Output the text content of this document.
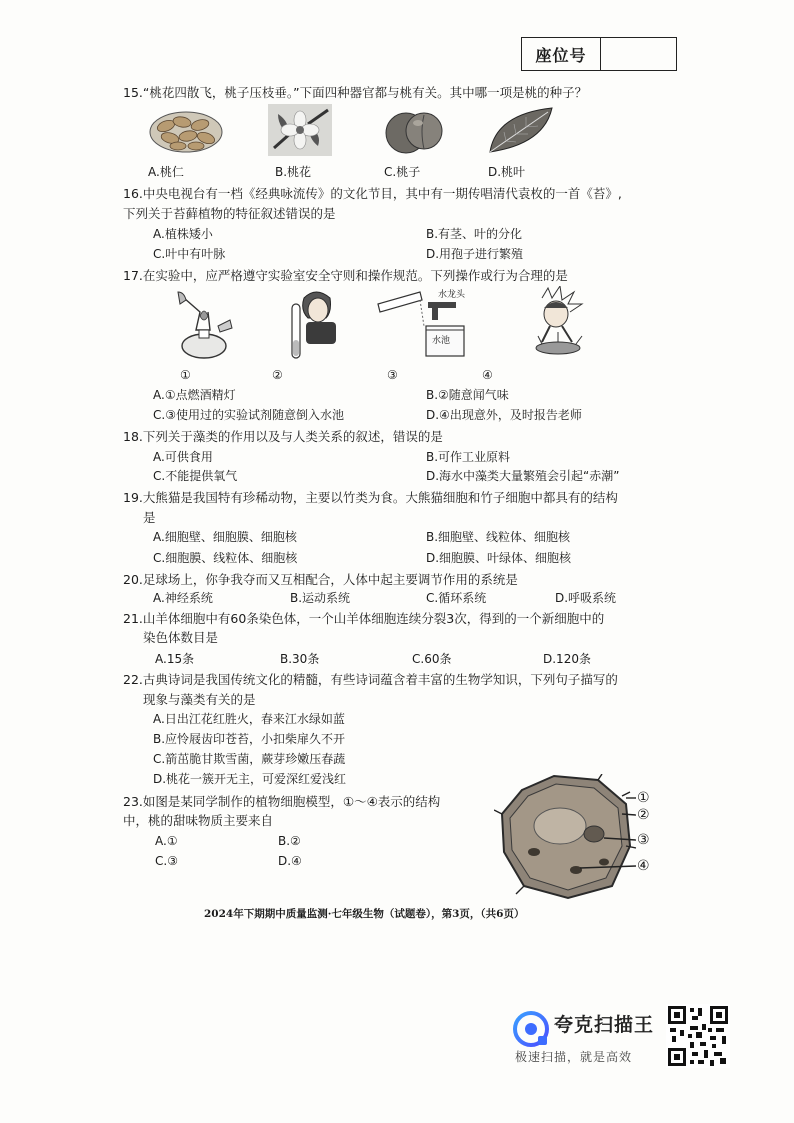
座位号
15.“桃花四散飞，桃子压枝垂。”下面四种器官都与桃有关。其中哪一项是桃的种子？
A.桃仁	B.桃花	C.桃子	D.桃叶
16.中央电视台有一档《经典咏流传》的文化节目，其中有一期传唱清代袁枚的一首《苔》,
下列关于苔藓植物的特征叙述错误的是
A.植株矮小	B.有茎、叶的分化
C.叶中有叶脉	D.用孢子进行繁殖
17.在实验中，应严格遵守实验室安全守则和操作规范。下列操作或行为合理的是
水龙头
水池
①	②	③	④
A.①点燃酒精灯	B.②随意闻气味
C.③使用过的实验试剂随意倒入水池	D.④出现意外，及时报告老师
18.下列关于藻类的作用以及与人类关系的叙述，错误的是
A.可供食用	B.可作工业原料
C.不能提供氧气	D.海水中藻类大量繁殖会引起“赤潮”
19.大熊猫是我国特有珍稀动物，主要以竹类为食。大熊猫细胞和竹子细胞中都具有的结构
是
A.细胞壁、细胞膜、细胞核	B.细胞壁、线粒体、细胞核
C.细胞膜、线粒体、细胞核	D.细胞膜、叶绿体、细胞核
20.足球场上，你争我夺而又互相配合，人体中起主要调节作用的系统是
A.神经系统	B.运动系统	C.循环系统	D.呼吸系统
21.山羊体细胞中有60条染色体，一个山羊体细胞连续分裂3次，得到的一个新细胞中的
染色体数目是
A.15条	B.30条	C.60条	D.120条
22.古典诗词是我国传统文化的精髓，有些诗词蕴含着丰富的生物学知识，下列句子描写的
现象与藻类有关的是
A.日出江花红胜火，春来江水绿如蓝
B.应怜屐齿印苍苔，小扣柴扉久不开
C.箭茁脆甘欺雪菌，蕨芽珍嫩压春蔬
D.桃花一簇开无主，可爱深红爱浅红
23.如图是某同学制作的植物细胞模型，①～④表示的结构
中，桃的甜味物质主要来自
A.①	B.②
C.③	D.④
①
②
③
④
2024年下期期中质量监测·七年级生物（试题卷），第3页，（共6页）
夸克扫描王
极速扫描，就是高效
